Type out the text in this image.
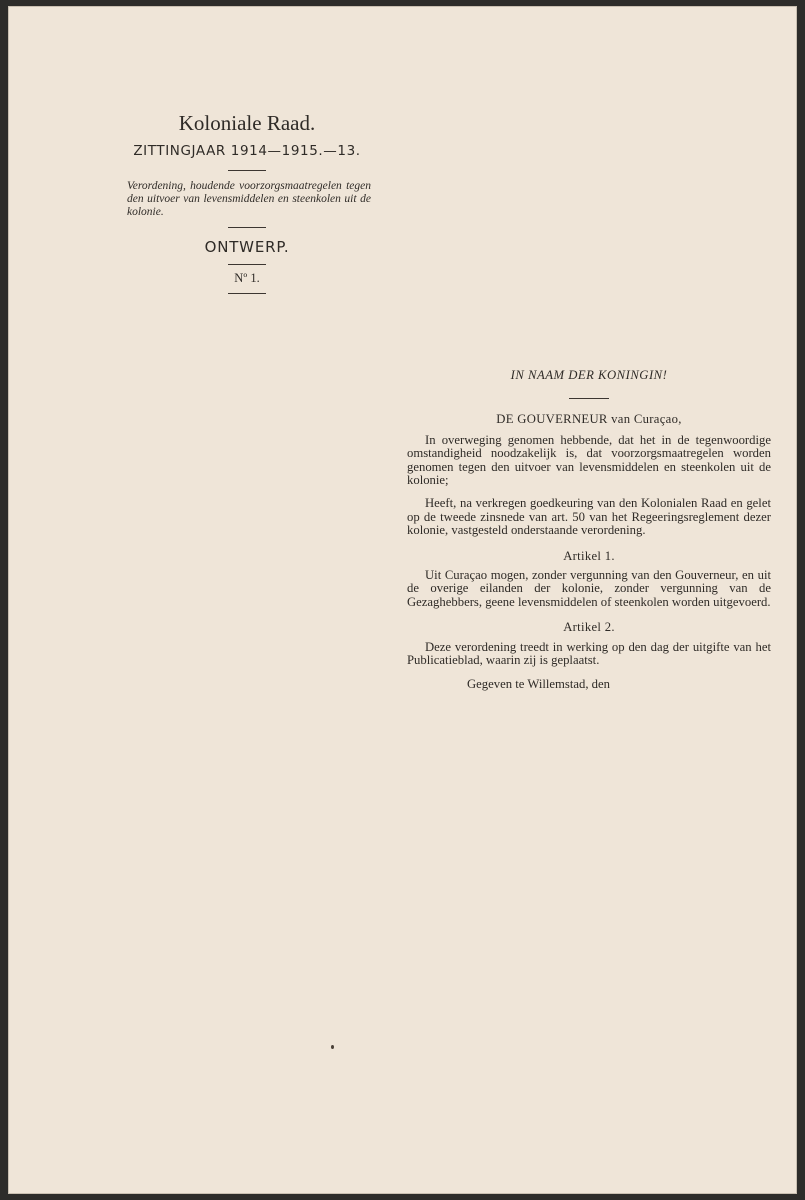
Koloniale Raad.
ZITTINGJAAR 1914—1915.—13.
Verordening, houdende voorzorgsmaatregelen tegen den uitvoer van levensmiddelen en steenkolen uit de kolonie.
ONTWERP.
Nº 1.
IN NAAM DER KONINGIN!
DE GOUVERNEUR van Curaçao,

In overweging genomen hebbende, dat het in de tegenwoordige omstandigheid noodzakelijk is, dat voorzorgsmaatregelen worden genomen tegen den uitvoer van levensmiddelen en steenkolen uit de kolonie;

Heeft, na verkregen goedkeuring van den Kolonialen Raad en gelet op de tweede zinsnede van art. 50 van het Regeeringsreglement dezer kolonie, vastgesteld onderstaande verordening.

Artikel 1.

Uit Curaçao mogen, zonder vergunning van den Gouverneur, en uit de overige eilanden der kolonie, zonder vergunning van de Gezaghebbers, geene levensmiddelen of steenkolen worden uitgevoerd.

Artikel 2.

Deze verordening treedt in werking op den dag der uitgifte van het Publicatieblad, waarin zij is geplaatst.

Gegeven te Willemstad, den
